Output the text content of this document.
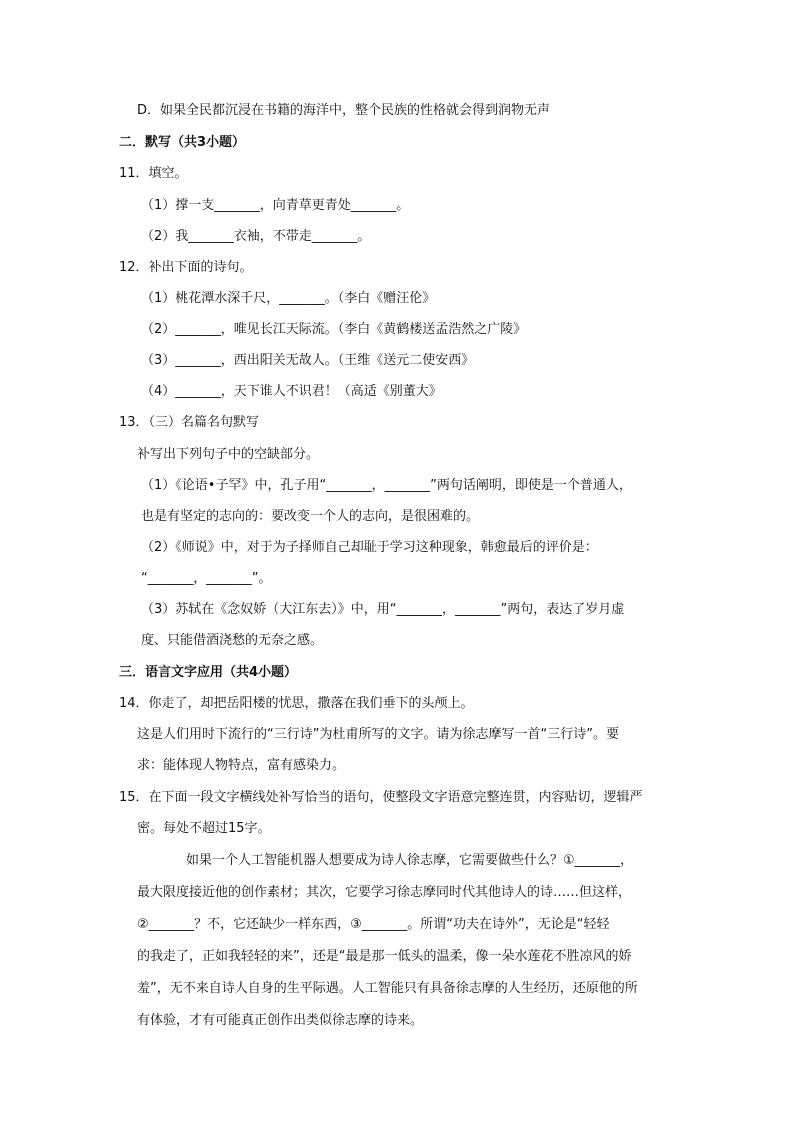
D．如果全民都沉浸在书籍的海洋中，整个民族的性格就会得到润物无声
二．默写（共3小题）
11．填空。
（1）撑一支_______，向青草更青处_______。
（2）我_______衣袖，不带走_______。
12．补出下面的诗句。
（1）桃花潭水深千尺，_______。（李白《赠汪伦》
（2）_______，唯见长江天际流。（李白《黄鹤楼送孟浩然之广陵》
（3）_______，西出阳关无故人。（王维《送元二使安西》
（4）_______，天下谁人不识君！（高适《别董大》
13．（三）名篇名句默写
补写出下列句子中的空缺部分。
（1）《论语•子罕》中，孔子用“_______，_______”两句话阐明，即使是一个普通人，
也是有坚定的志向的：要改变一个人的志向，是很困难的。
（2）《师说》中，对于为子择师自己却耻于学习这种现象，韩愈最后的评价是：
“_______，_______”。
（3）苏轼在《念奴娇（大江东去）》中，用“_______，_______”两句，表达了岁月虚
度、只能借酒浇愁的无奈之感。
三．语言文字应用（共4小题）
14．你走了，却把岳阳楼的忧思，撒落在我们垂下的头颅上。
这是人们用时下流行的“三行诗”为杜甫所写的文字。请为徐志摩写一首“三行诗”。要
求：能体现人物特点，富有感染力。
15．在下面一段文字横线处补写恰当的语句，使整段文字语意完整连贯，内容贴切，逻辑严
密。每处不超过15字。
如果一个人工智能机器人想要成为诗人徐志摩，它需要做些什么？①_______，
最大限度接近他的创作素材；其次，它要学习徐志摩同时代其他诗人的诗……但这样，
②_______？不，它还缺少一样东西，③_______。所谓“功夫在诗外”，无论是“轻轻
的我走了，正如我轻轻的来”，还是“最是那一低头的温柔，像一朵水莲花不胜凉风的娇
羞”，无不来自诗人自身的生平际遇。人工智能只有具备徐志摩的人生经历，还原他的所
有体验，才有可能真正创作出类似徐志摩的诗来。
